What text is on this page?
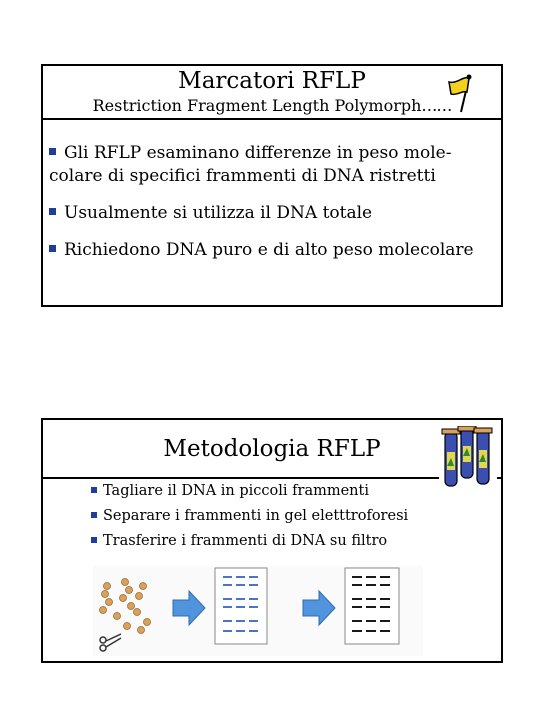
Marcatori RFLP
Restriction Fragment Length Polymorph……
Gli RFLP esaminano differenze in peso mole-colare di specifici frammenti di DNA ristretti
Usualmente si utilizza il DNA totale
Richiedono DNA puro e di alto peso molecolare
Metodologia RFLP
Tagliare il DNA in piccoli frammenti
Separare i frammenti in gel eletttroforesi
Trasferire i frammenti di DNA su filtro
